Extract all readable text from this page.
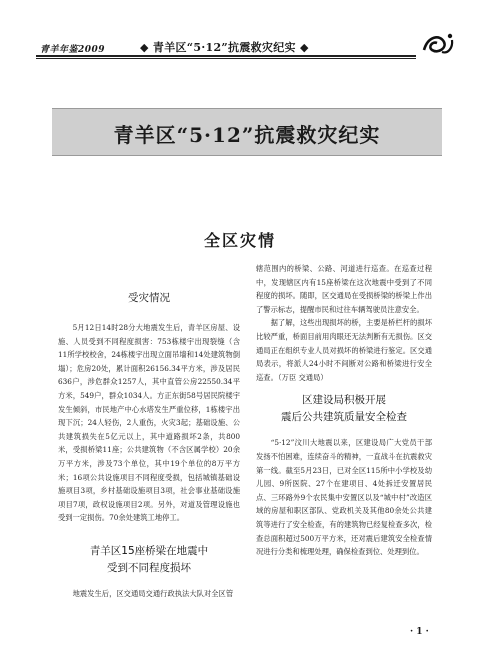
青羊年鉴2009	◆ 青羊区“5·12”抗震救灾纪实 ◆
青羊区“5·12”抗震救灾纪实
全区灾情
受灾情况

5月12日14时28分大地震发生后，青羊区房屋、设施、人员受到不同程度损害：753栋楼宇出现裂缝（含11所学校校舍，24栋楼宇出现立面吊墙和14处建筑物倒塌）；危房20处，累计面积26156.34平方米，涉及居民636户，涉危群众1257人，其中直管公房22550.34平方米，549户，群众1034人。方正东街58号居民院楼宇发生倾斜，市民地产中心水塔发生严重位移，1栋楼宇出现下沉；24人轻伤，2人重伤，火灾3起；基础设施、公共建筑损失在5亿元以上，其中道路损坏2条，共800米，受损桥梁11座；公共建筑物（不含区属学校）20余万平方米，涉及73个单位，其中19个单位的8万平方米；16项公共设施项目不同程度受损，包括城镇基础设施项目3项，乡村基础设施项目3项，社会事业基础设施项目7项，政权设施项目2项。另外，对道及管理设施也受到一定损伤。70余处建筑工地停工。

青羊区15座桥梁在地震中
受到不同程度损坏

地震发生后，区交通局交通行政执法大队对全区管

辖范围内的桥梁、公路、河道进行巡查。在巡查过程中，发现辖区内有15座桥梁在这次地震中受到了不同程度的损坏。随即，区交通局在受损桥梁的桥梁上作出了警示标志，提醒市民和过往车辆驾驶员注意安全。

据了解，这些出现损坏的桥，主要是桥栏杆的损坏比较严重，桥面目前用肉眼还无法判断有无损伤。区交通局正在组织专业人员对损坏的桥梁进行鉴定。区交通局表示，将派人24小时不间断对公路和桥梁进行安全巡查。（万臣 交通局）

区建设局积极开展
震后公共建筑质量安全检查

“5·12”汶川大地震以来，区建设局广大党员干部发扬不怕困难，连续奋斗的精神，一直战斗在抗震救灾第一线。截至5月23日，已对全区115所中小学校及幼儿园、9所医院、27个在建项目、4处拆迁安置居民点、三环路外9个农民集中安置区以及“城中村”改造区域的房屋和职区部队、党政机关及其他80余处公共建筑等进行了安全检查，有的建筑物已经复检查多次，检查总面积超过500万平方米，还对震后建筑安全检查情况进行分类和梳理处理，确保检查到位、处理到位。

· 1 ·
